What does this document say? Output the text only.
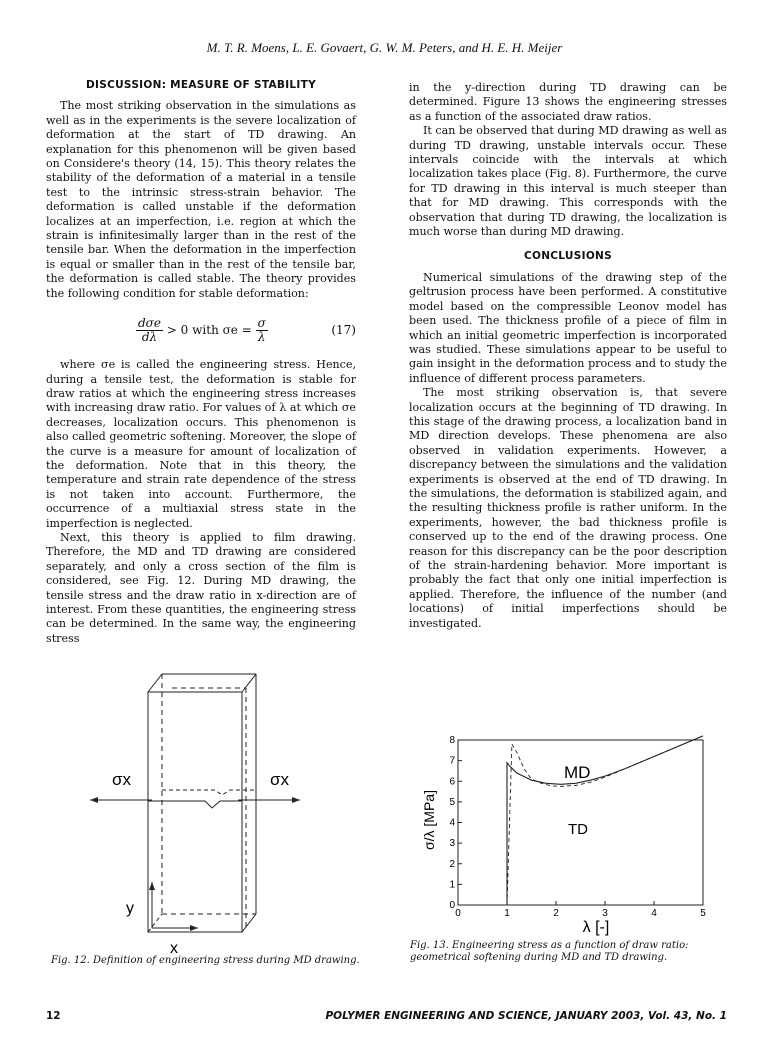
M. T. R. Moens, L. E. Govaert, G. W. M. Peters, and H. E. H. Meijer
DISCUSSION: MEASURE OF STABILITY

The most striking observation in the simulations as well as in the experiments is the severe localization of deformation at the start of TD drawing. An explanation for this phenomenon will be given based on Considere's theory (14, 15). This theory relates the stability of the deformation of a material in a tensile test to the intrinsic stress-strain behavior. The deformation is called unstable if the deformation localizes at an imperfection, i.e. region at which the strain is infinitesimally larger than in the rest of the tensile bar. When the deformation in the imperfection is equal or smaller than in the rest of the tensile bar, the deformation is called stable. The theory provides the following condition for stable deformation:

$\frac{\text{dσe}}{d\lambda} > 0$ with $\sigma e = \frac{\sigma}{\lambda}$	(17)

where σe is called the engineering stress. Hence, during a tensile test, the deformation is stable for draw ratios at which the engineering stress increases with increasing draw ratio. For values of λ at which σe decreases, localization occurs. This phenomenon is also called geometric softening. Moreover, the slope of the curve is a measure for amount of localization of the deformation. Note that in this theory, the temperature and strain rate dependence of the stress is not taken into account. Furthermore, the occurrence of a multiaxial stress state in the imperfection is neglected.

Next, this theory is applied to film drawing. Therefore, the MD and TD drawing are considered separately, and only a cross section of the film is considered, see Fig. 12. During MD drawing, the tensile stress and the draw ratio in x-direction are of interest. From these quantities, the engineering stress can be determined. In the same way, the engineering stress

in the y-direction during TD drawing can be determined. Figure 13 shows the engineering stresses as a function of the associated draw ratios.

It can be observed that during MD drawing as well as during TD drawing, unstable intervals occur. These intervals coincide with the intervals at which localization takes place (Fig. 8). Furthermore, the curve for TD drawing in this interval is much steeper than that for MD drawing. This corresponds with the observation that during TD drawing, the localization is much worse than during MD drawing.

CONCLUSIONS

Numerical simulations of the drawing step of the geltrusion process have been performed. A constitutive model based on the compressible Leonov model has been used. The thickness profile of a piece of film in which an initial geometric imperfection is incorporated was studied. These simulations appear to be useful to gain insight in the deformation process and to study the influence of different process parameters.

The most striking observation is, that severe localization occurs at the beginning of TD drawing. In this stage of the drawing process, a localization band in MD direction develops. These phenomena are also observed in validation experiments. However, a discrepancy between the simulations and the validation experiments is observed at the end of TD drawing. In the simulations, the deformation is stabilized again, and the resulting thickness profile is rather uniform. In the experiments, however, the bad thickness profile is conserved up to the end of the drawing process. One reason for this discrepancy can be the poor description of the strain-hardening behavior. More important is probably the fact that only one initial imperfection is applied. Therefore, the influence of the number (and locations) of initial imperfections should be investigated.

σx	σx
y
x
0	1	2	3	4	5
0
1
2
3
4
5
6
7
8
MD
TD
λ [-]
σ/λ [MPa]
Fig. 12. Definition of engineering stress during MD drawing.
Fig. 13. Engineering stress as a function of draw ratio: geometrical softening during MD and TD drawing.
12	POLYMER ENGINEERING AND SCIENCE, JANUARY 2003, Vol. 43, No. 1
